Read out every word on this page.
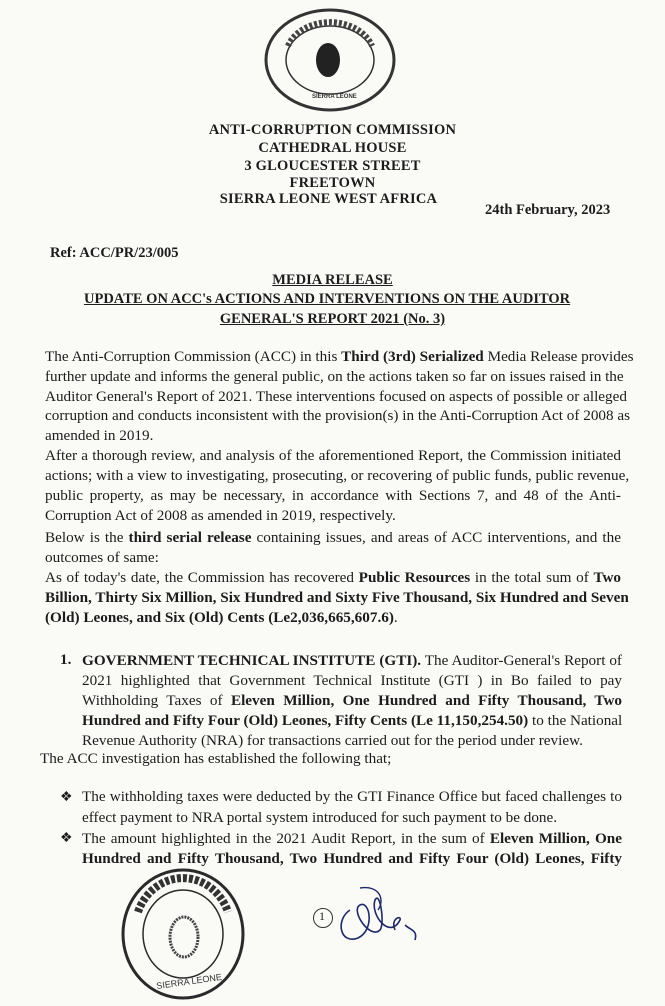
SIERRA LEONE
ANTI-CORRUPTION COMMISSION
CATHEDRAL HOUSE
3 GLOUCESTER STREET
FREETOWN
SIERRA LEONE WEST AFRICA
24th February, 2023
Ref: ACC/PR/23/005
MEDIA RELEASE
UPDATE ON ACC's ACTIONS AND INTERVENTIONS ON THE AUDITOR
GENERAL'S REPORT 2021 (No. 3)
The Anti-Corruption Commission (ACC) in this Third (3rd) Serialized Media Release provides
further update and informs the general public, on the actions taken so far on issues raised in the
Auditor General's Report of 2021. These interventions focused on aspects of possible or alleged
corruption and conducts inconsistent with the provision(s) in the Anti-Corruption Act of 2008 as
amended in 2019.
After a thorough review, and analysis of the aforementioned Report, the Commission initiated
actions; with a view to investigating, prosecuting, or recovering of public funds, public revenue,
public property, as may be necessary, in accordance with Sections 7, and 48 of the Anti-
Corruption Act of 2008 as amended in 2019, respectively.
Below is the third serial release containing issues, and areas of ACC interventions, and the
outcomes of same:
As of today's date, the Commission has recovered Public Resources in the total sum of Two
Billion, Thirty Six Million, Six Hundred and Sixty Five Thousand, Six Hundred and Seven
(Old) Leones, and Six (Old) Cents (Le2,036,665,607.6).
1. GOVERNMENT TECHNICAL INSTITUTE (GTI). The Auditor-General's Report of
2021 highlighted that Government Technical Institute (GTI ) in Bo failed to pay
Withholding Taxes of Eleven Million, One Hundred and Fifty Thousand, Two
Hundred and Fifty Four (Old) Leones, Fifty Cents (Le 11,150,254.50) to the National
Revenue Authority (NRA) for transactions carried out for the period under review.
The ACC investigation has established the following that;
❖
❖
The withholding taxes were deducted by the GTI Finance Office but faced challenges to
effect payment to NRA portal system introduced for such payment to be done.
The amount highlighted in the 2021 Audit Report, in the sum of Eleven Million, One
Hundred and Fifty Thousand, Two Hundred and Fifty Four (Old) Leones, Fifty
SIERRA LEONE
1
